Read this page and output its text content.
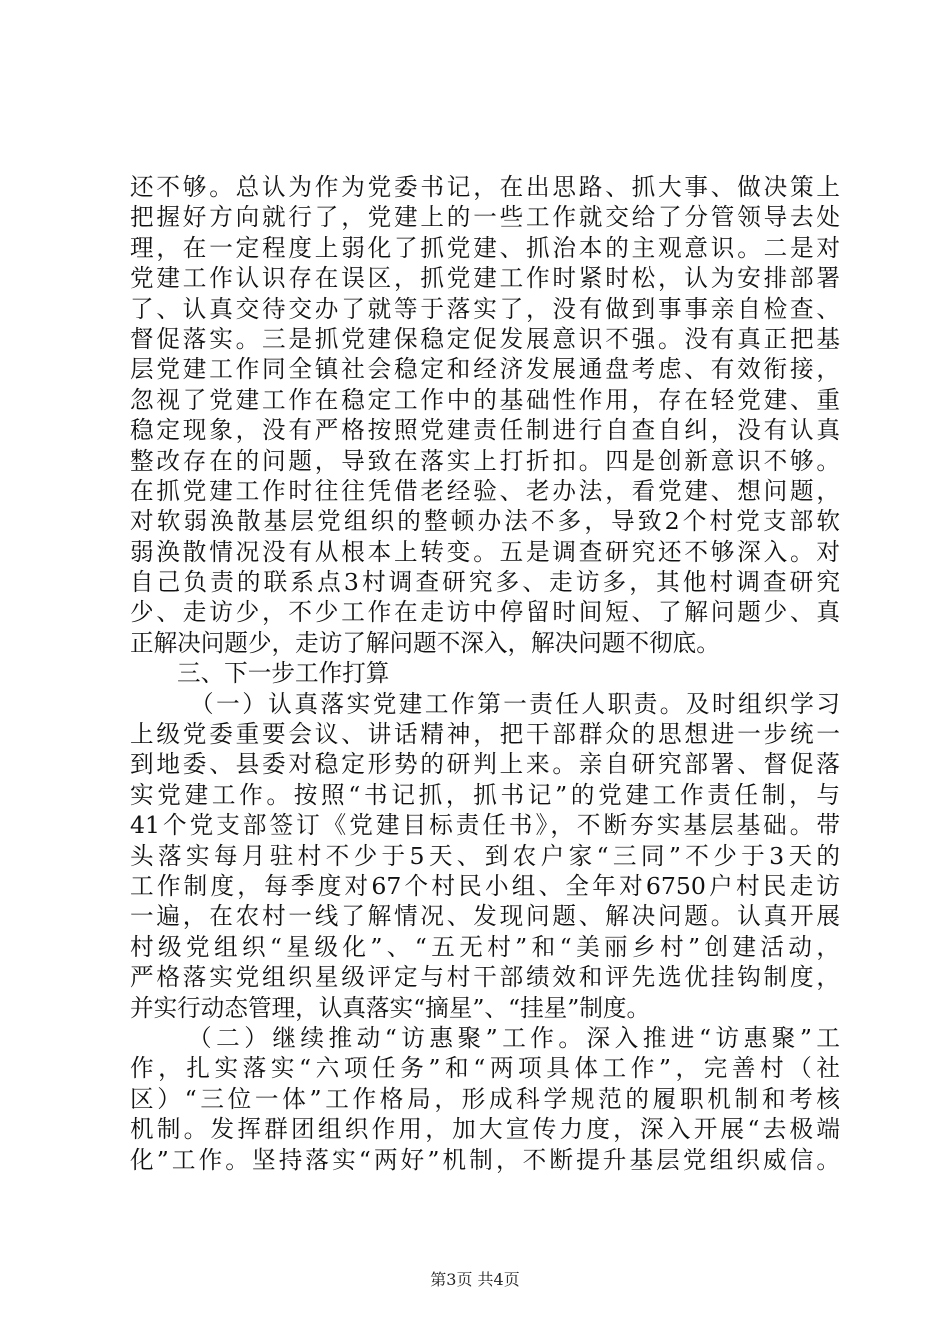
还不够。总认为作为党委书记，在出思路、抓大事、做决策上
把握好方向就行了，党建上的一些工作就交给了分管领导去处
理，在一定程度上弱化了抓党建、抓治本的主观意识。二是对
党建工作认识存在误区，抓党建工作时紧时松，认为安排部署
了、认真交待交办了就等于落实了，没有做到事事亲自检查、
督促落实。三是抓党建保稳定促发展意识不强。没有真正把基
层党建工作同全镇社会稳定和经济发展通盘考虑、有效衔接，
忽视了党建工作在稳定工作中的基础性作用，存在轻党建、重
稳定现象，没有严格按照党建责任制进行自查自纠，没有认真
整改存在的问题，导致在落实上打折扣。四是创新意识不够。
在抓党建工作时往往凭借老经验、老办法，看党建、想问题，
对软弱涣散基层党组织的整顿办法不多，导致2个村党支部软
弱涣散情况没有从根本上转变。五是调查研究还不够深入。对
自己负责的联系点3村调查研究多、走访多，其他村调查研究
少、走访少，不少工作在走访中停留时间短、了解问题少、真
正解决问题少，走访了解问题不深入，解决问题不彻底。
三、下一步工作打算
（一）认真落实党建工作第一责任人职责。及时组织学习
上级党委重要会议、讲话精神，把干部群众的思想进一步统一
到地委、县委对稳定形势的研判上来。亲自研究部署、督促落
实党建工作。按照“书记抓，抓书记”的党建工作责任制，与
41个党支部签订《党建目标责任书》，不断夯实基层基础。带
头落实每月驻村不少于5天、到农户家“三同”不少于3天的
工作制度，每季度对67个村民小组、全年对6750户村民走访
一遍，在农村一线了解情况、发现问题、解决问题。认真开展
村级党组织“星级化”、“五无村”和“美丽乡村”创建活动，
严格落实党组织星级评定与村干部绩效和评先选优挂钩制度，
并实行动态管理，认真落实“摘星”、“挂星”制度。
（二）继续推动“访惠聚”工作。深入推进“访惠聚”工
作，扎实落实“六项任务”和“两项具体工作”，完善村（社
区）“三位一体”工作格局，形成科学规范的履职机制和考核
机制。发挥群团组织作用，加大宣传力度，深入开展“去极端
化”工作。坚持落实“两好”机制，不断提升基层党组织威信。
第3页 共4页
